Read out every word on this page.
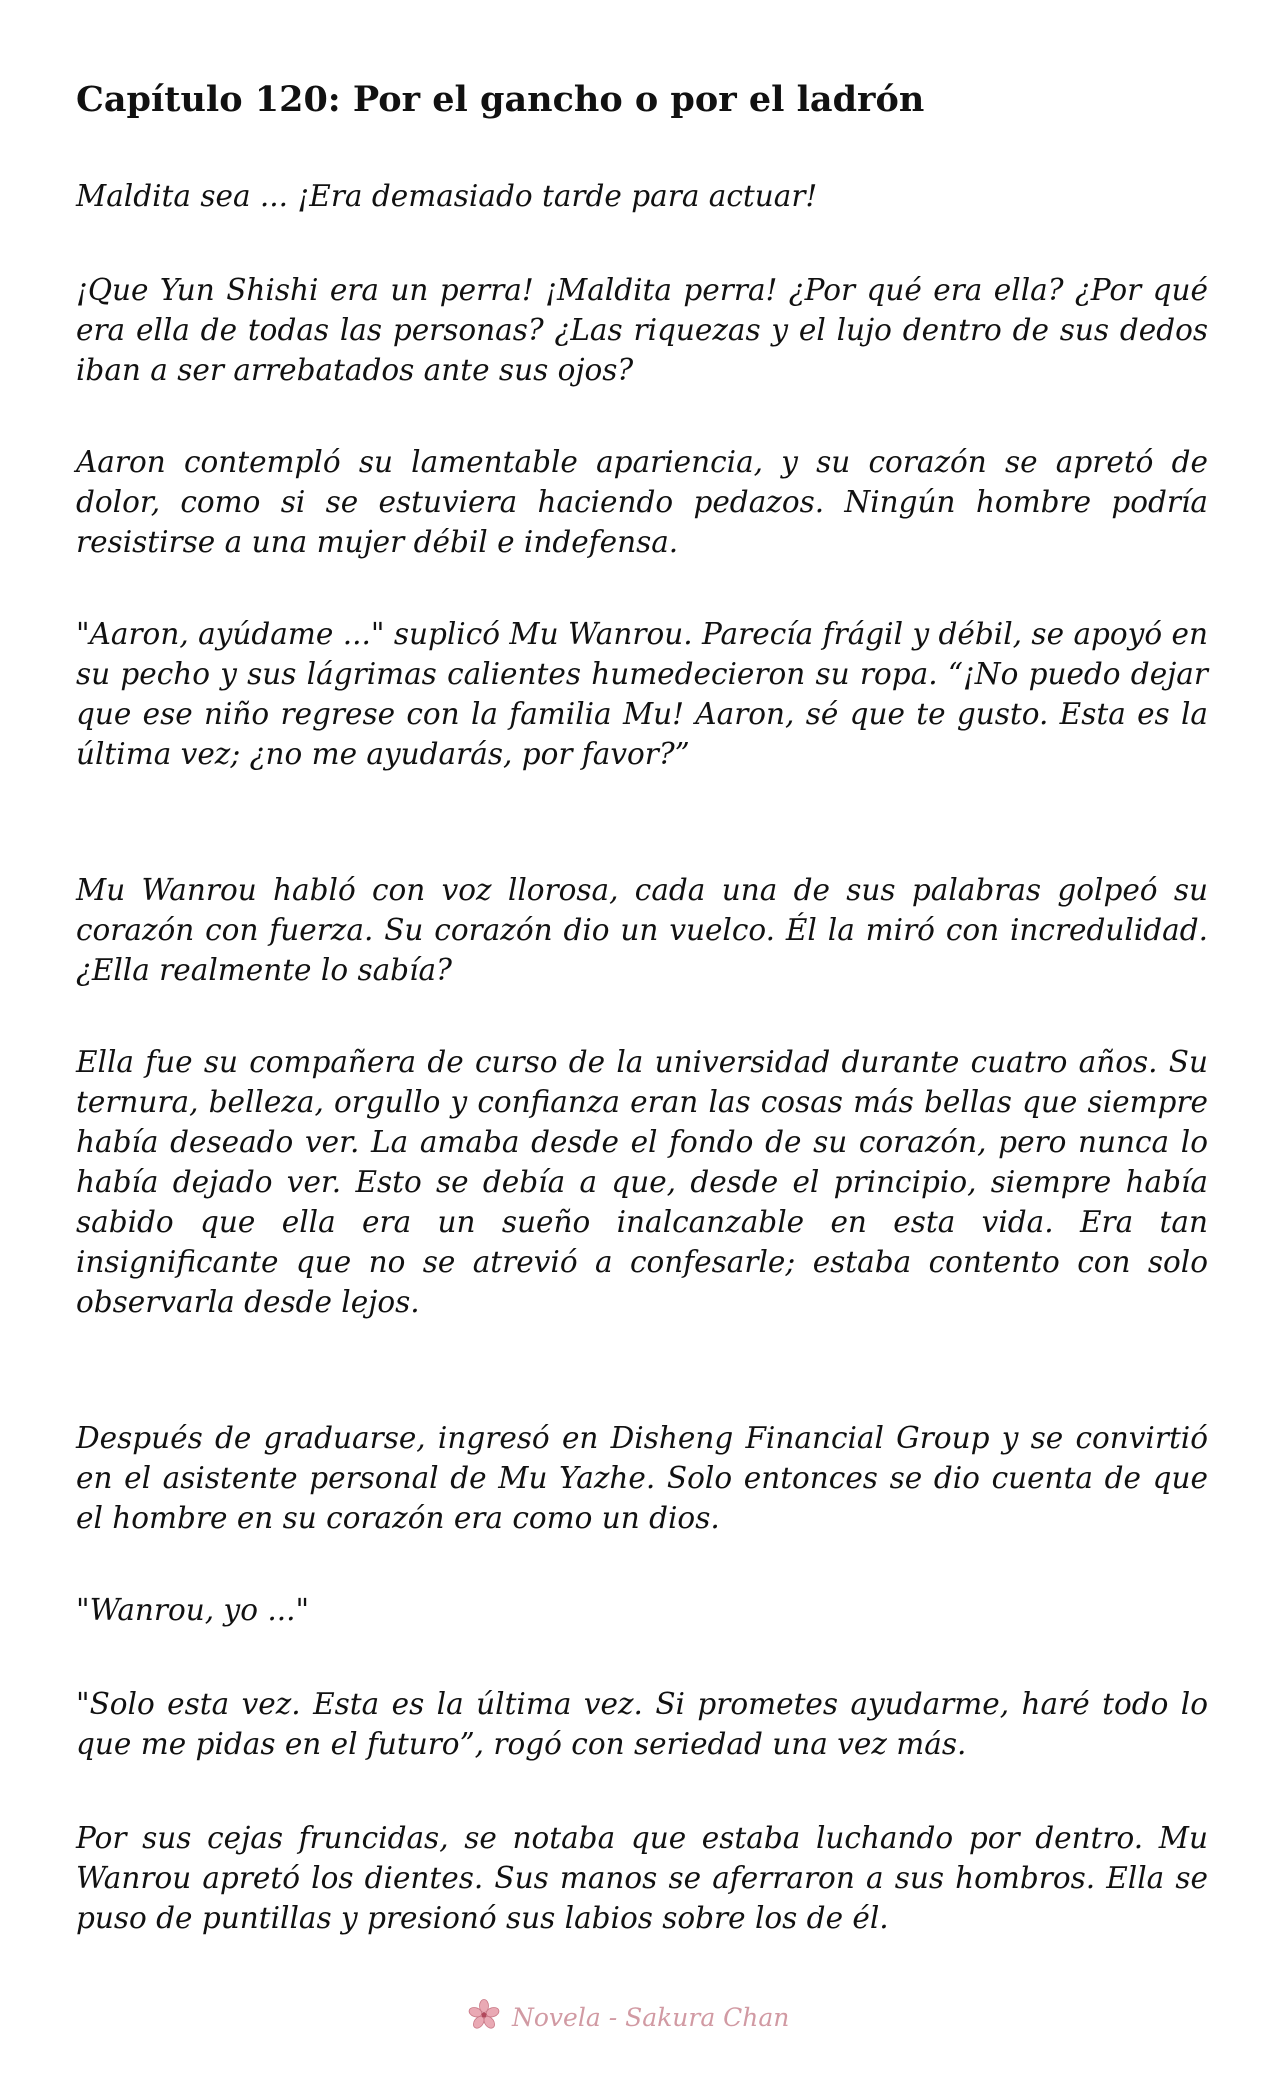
Capítulo 120: Por el gancho o por el ladrón

Maldita sea ... ¡Era demasiado tarde para actuar!

¡Que Yun Shishi era un perra! ¡Maldita perra! ¿Por qué era ella? ¿Por qué era ella de todas las personas? ¿Las riquezas y el lujo dentro de sus dedos iban a ser arrebatados ante sus ojos?

Aaron contempló su lamentable apariencia, y su corazón se apretó de dolor, como si se estuviera haciendo pedazos. Ningún hombre podría resistirse a una mujer débil e indefensa.

"Aaron, ayúdame ..." suplicó Mu Wanrou. Parecía frágil y débil, se apoyó en su pecho y sus lágrimas calientes humedecieron su ropa. “¡No puedo dejar que ese niño regrese con la familia Mu! Aaron, sé que te gusto. Esta es la última vez; ¿no me ayudarás, por favor?”

Mu Wanrou habló con voz llorosa, cada una de sus palabras golpeó su corazón con fuerza. Su corazón dio un vuelco. Él la miró con incredulidad. ¿Ella realmente lo sabía?

Ella fue su compañera de curso de la universidad durante cuatro años. Su ternura, belleza, orgullo y confianza eran las cosas más bellas que siempre había deseado ver. La amaba desde el fondo de su corazón, pero nunca lo había dejado ver. Esto se debía a que, desde el principio, siempre había sabido que ella era un sueño inalcanzable en esta vida. Era tan insignificante que no se atrevió a confesarle; estaba contento con solo observarla desde lejos.

Después de graduarse, ingresó en Disheng Financial Group y se convirtió en el asistente personal de Mu Yazhe. Solo entonces se dio cuenta de que el hombre en su corazón era como un dios.

"Wanrou, yo ..."

"Solo esta vez. Esta es la última vez. Si prometes ayudarme, haré todo lo que me pidas en el futuro”, rogó con seriedad una vez más.

Por sus cejas fruncidas, se notaba que estaba luchando por dentro. Mu Wanrou apretó los dientes. Sus manos se aferraron a sus hombros. Ella se puso de puntillas y presionó sus labios sobre los de él.

Novela - Sakura Chan
